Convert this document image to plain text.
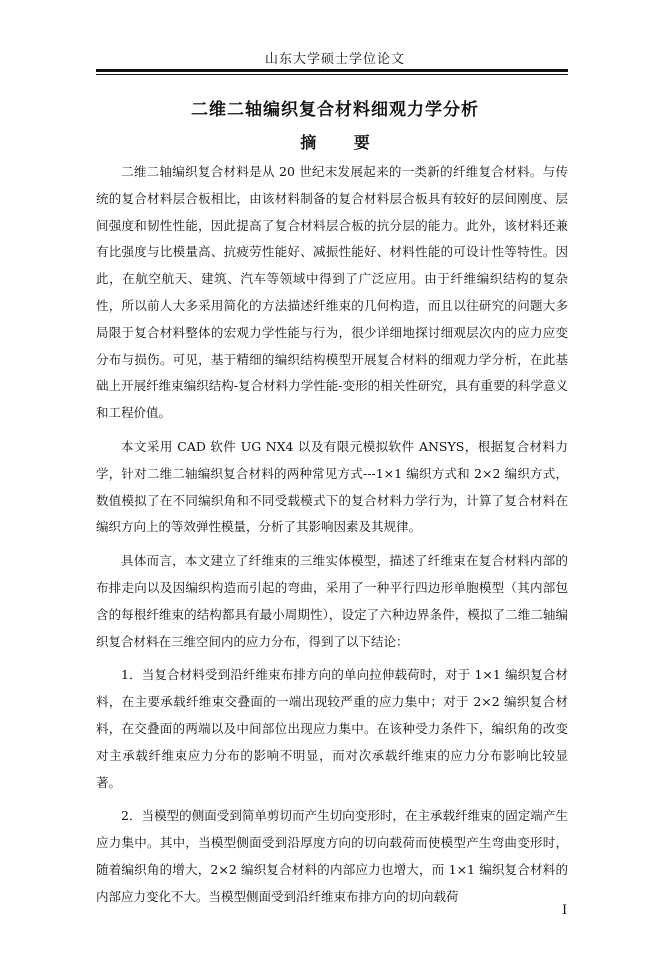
山东大学硕士学位论文
二维二轴编织复合材料细观力学分析
摘 要

二维二轴编织复合材料是从 20 世纪末发展起来的一类新的纤维复合材料。与传统的复合材料层合板相比，由该材料制备的复合材料层合板具有较好的层间刚度、层间强度和韧性性能，因此提高了复合材料层合板的抗分层的能力。此外，该材料还兼有比强度与比模量高、抗疲劳性能好、减振性能好、材料性能的可设计性等特性。因此，在航空航天、建筑、汽车等领域中得到了广泛应用。由于纤维编织结构的复杂性，所以前人大多采用简化的方法描述纤维束的几何构造，而且以往研究的问题大多局限于复合材料整体的宏观力学性能与行为，很少详细地探讨细观层次内的应力应变分布与损伤。可见，基于精细的编织结构模型开展复合材料的细观力学分析，在此基础上开展纤维束编织结构-复合材料力学性能-变形的相关性研究，具有重要的科学意义和工程价值。

本文采用 CAD 软件 UG NX4 以及有限元模拟软件 ANSYS，根据复合材料力学，针对二维二轴编织复合材料的两种常见方式---1×1 编织方式和 2×2 编织方式，数值模拟了在不同编织角和不同受载模式下的复合材料力学行为，计算了复合材料在编织方向上的等效弹性模量，分析了其影响因素及其规律。

具体而言，本文建立了纤维束的三维实体模型，描述了纤维束在复合材料内部的布排走向以及因编织构造而引起的弯曲，采用了一种平行四边形单胞模型（其内部包含的每根纤维束的结构都具有最小周期性），设定了六种边界条件，模拟了二维二轴编织复合材料在三维空间内的应力分布，得到了以下结论：

1．当复合材料受到沿纤维束布排方向的单向拉伸载荷时，对于 1×1 编织复合材料，在主要承载纤维束交叠面的一端出现较严重的应力集中；对于 2×2 编织复合材料，在交叠面的两端以及中间部位出现应力集中。在该种受力条件下，编织角的改变对主承载纤维束应力分布的影响不明显，而对次承载纤维束的应力分布影响比较显著。

2．当模型的侧面受到简单剪切而产生切向变形时，在主承载纤维束的固定端产生应力集中。其中，当模型侧面受到沿厚度方向的切向载荷而使模型产生弯曲变形时，随着编织角的增大，2×2 编织复合材料的内部应力也增大，而 1×1 编织复合材料的内部应力变化不大。当模型侧面受到沿纤维束布排方向的切向载荷

I
